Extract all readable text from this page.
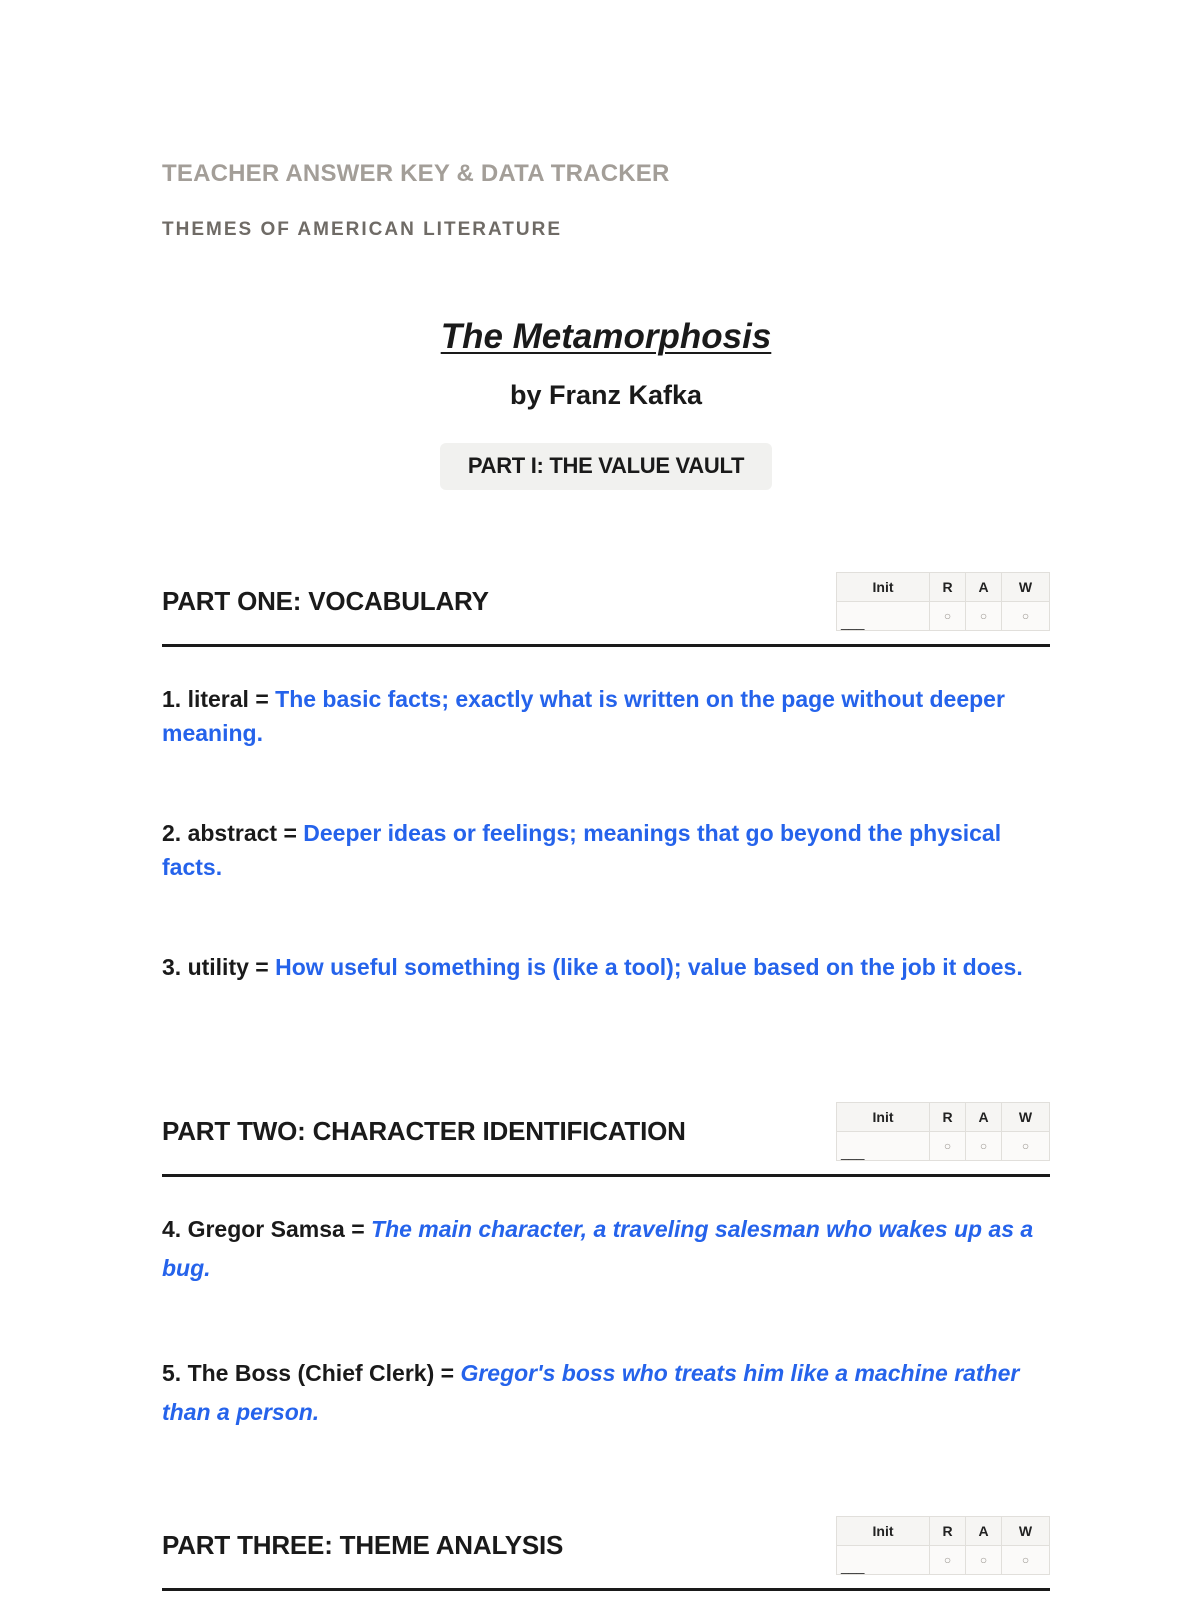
TEACHER ANSWER KEY & DATA TRACKER
THEMES OF AMERICAN LITERATURE
The Metamorphosis
by Franz Kafka
PART I: THE VALUE VAULT
PART ONE: VOCABULARY	Init	R	A	W
___	○	○	○
1. literal = The basic facts; exactly what is written on the page without deeper meaning.
2. abstract = Deeper ideas or feelings; meanings that go beyond the physical facts.
3. utility = How useful something is (like a tool); value based on the job it does.
PART TWO: CHARACTER IDENTIFICATION	Init	R	A	W
___	○	○	○
4. Gregor Samsa = The main character, a traveling salesman who wakes up as a bug.
5. The Boss (Chief Clerk) = Gregor's boss who treats him like a machine rather than a person.
PART THREE: THEME ANALYSIS	Init	R	A	W
___	○	○	○
